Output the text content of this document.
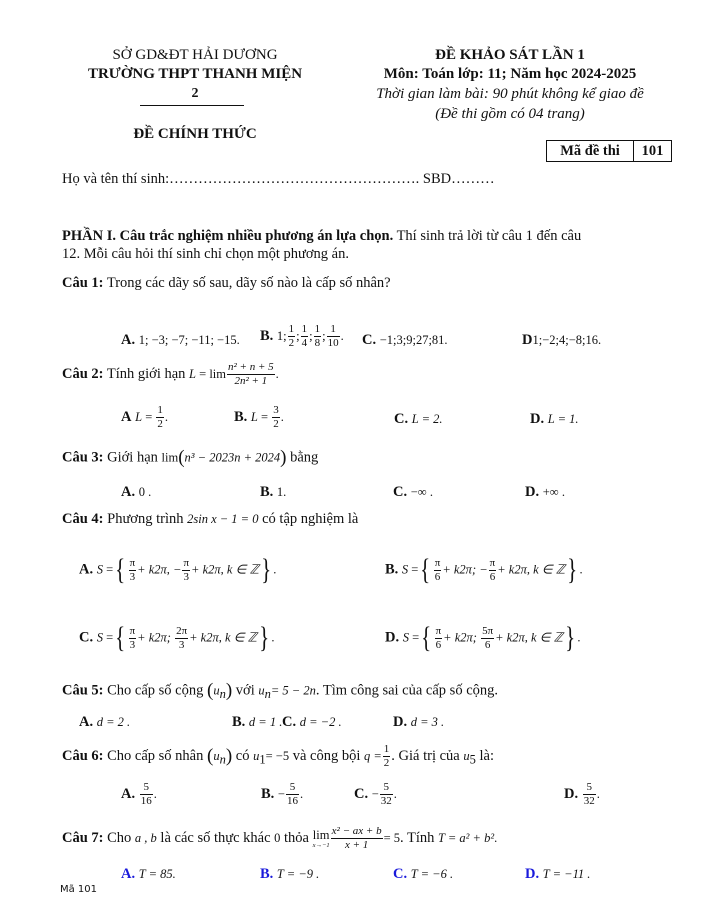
SỞ GD&ĐT HẢI DƯƠNG
TRƯỜNG THPT THANH MIỆN
2
ĐỀ CHÍNH THỨC
ĐỀ KHẢO SÁT LẦN 1
Môn: Toán lớp: 11; Năm học 2024-2025
Thời gian làm bài: 90 phút không kể giao đề
(Đề thi gồm có 04 trang)
Mã đề thi	101
Họ và tên thí sinh:……………………………………………. SBD………
PHẦN I. Câu trắc nghiệm nhiều phương án lựa chọn. Thí sinh trả lời từ câu 1 đến câu
12. Mỗi câu hỏi thí sinh chỉ chọn một phương án.
Câu 1: Trong các dãy số sau, dãy số nào là cấp số nhân?
A. 1; −3; −7; −11; −15. B. 1; $\frac{1}{2}$ ; $\frac{1}{4}$ ; $\frac{1}{8}$ ; $\frac{1}{10}$ . C. −1;3;9;27;81.	D1;−2;4;−8;16.
Câu 2: Tính giới hạn $L = \lim \frac{\text{n² + n + 5}}{\text{2n² + 1}}$ .
A $L = \frac{1}{2}$ .	B. $L = \frac{3}{2}$ .	C. L = 2.	D. L = 1.
Câu 3: Giới hạn lim(n³ − 2023n + 2024) bằng
A. 0 .	B. 1.	C. −∞ .	D. +∞ .
Câu 4: Phương trình 2sin x − 1 = 0 có tập nghiệm là
A. S ={ $\frac{\pi}{3} + k2\pi$, − $\frac{\pi}{3} + k2\pi$, k ∈ ℤ} .	B. S ={ $\frac{\pi}{6} + k2\pi$; − $\frac{\pi}{6} + k2\pi$, k ∈ ℤ} .
C. S ={ $\frac{\pi}{3} + k2\pi$; $\frac{2\pi}{3} + k2\pi$, k ∈ ℤ} .	D. S ={ $\frac{\pi}{6} + k2\pi$; $\frac{5\pi}{6} + k2\pi$, k ∈ ℤ} .
Câu 5: Cho cấp số cộng $(u_n)$ với $u_n= 5 - 2n$. Tìm công sai của cấp số cộng.
A. d = 2 .	B. d = 1 . C. d = −2 .	D. d = 3 .
Câu 6: Cho cấp số nhân $(u_n)$ có $u_1= -5$ và công bội $q = \frac{1}{2}$ . Giá trị của $u_5$ là:
A. $\frac{5}{16}$ .	B. − $\frac{5}{16}$ .	C. − $\frac{5}{32}$ .	D. $\frac{5}{32}$ .
Câu 7: Cho a , b là các số thực khác 0 thỏa lim
$x\to-1 \frac{\text{x² − ax + b}}{x + 1} = 5$. Tính T = a² + b².
A. T = 85.	B. T = −9 .	C. T = −6 .	D. T = −11 .
Mã 101
